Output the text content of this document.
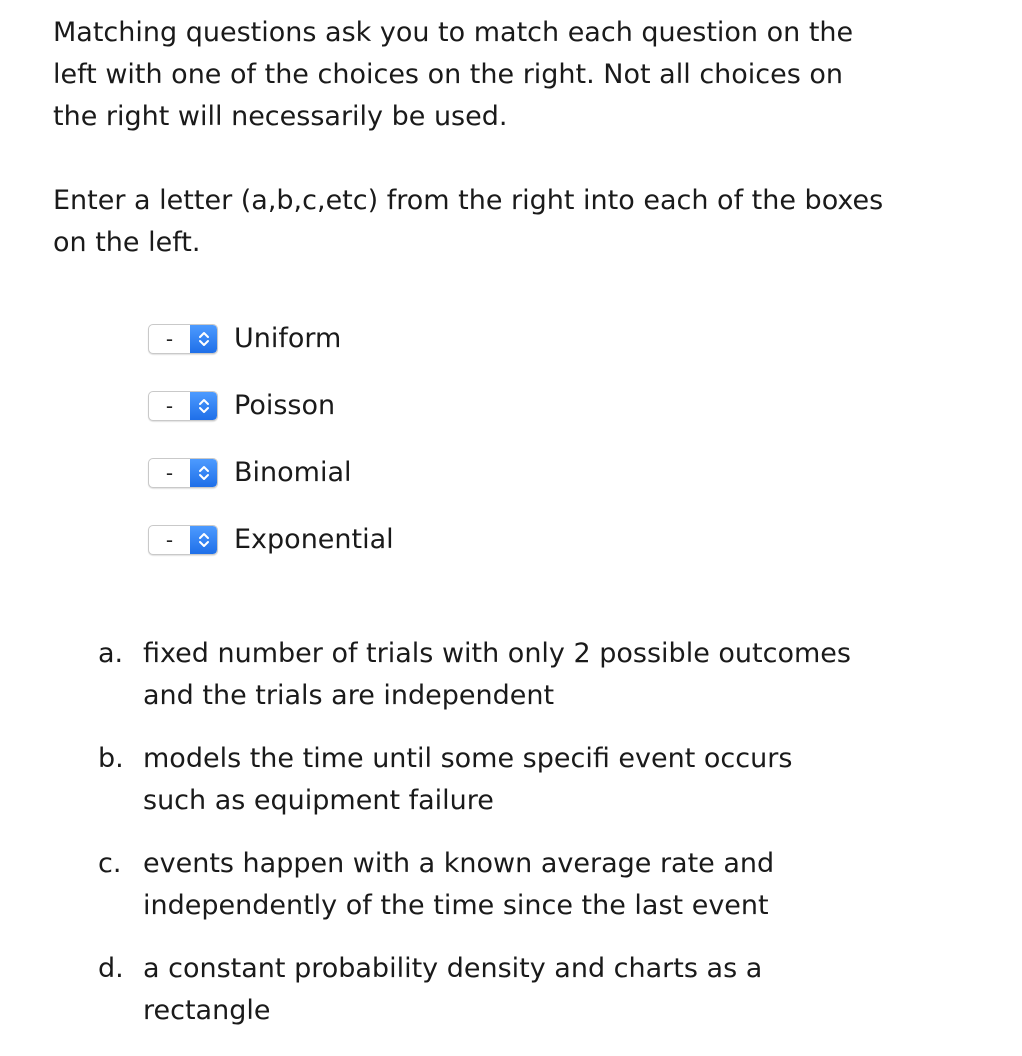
Matching questions ask you to match each question on the left with one of the choices on the right. Not all choices on the right will necessarily be used.

Enter a letter (a,b,c,etc) from the right into each of the boxes on the left.

-	Uniform
-	Poisson
-	Binomial
-	Exponential
a. fixed number of trials with only 2 possible outcomes and the trials are independent
b. models the time until some specifi event occurs such as equipment failure
c. events happen with a known average rate and independently of the time since the last event
d. a constant probability density and charts as a rectangle
